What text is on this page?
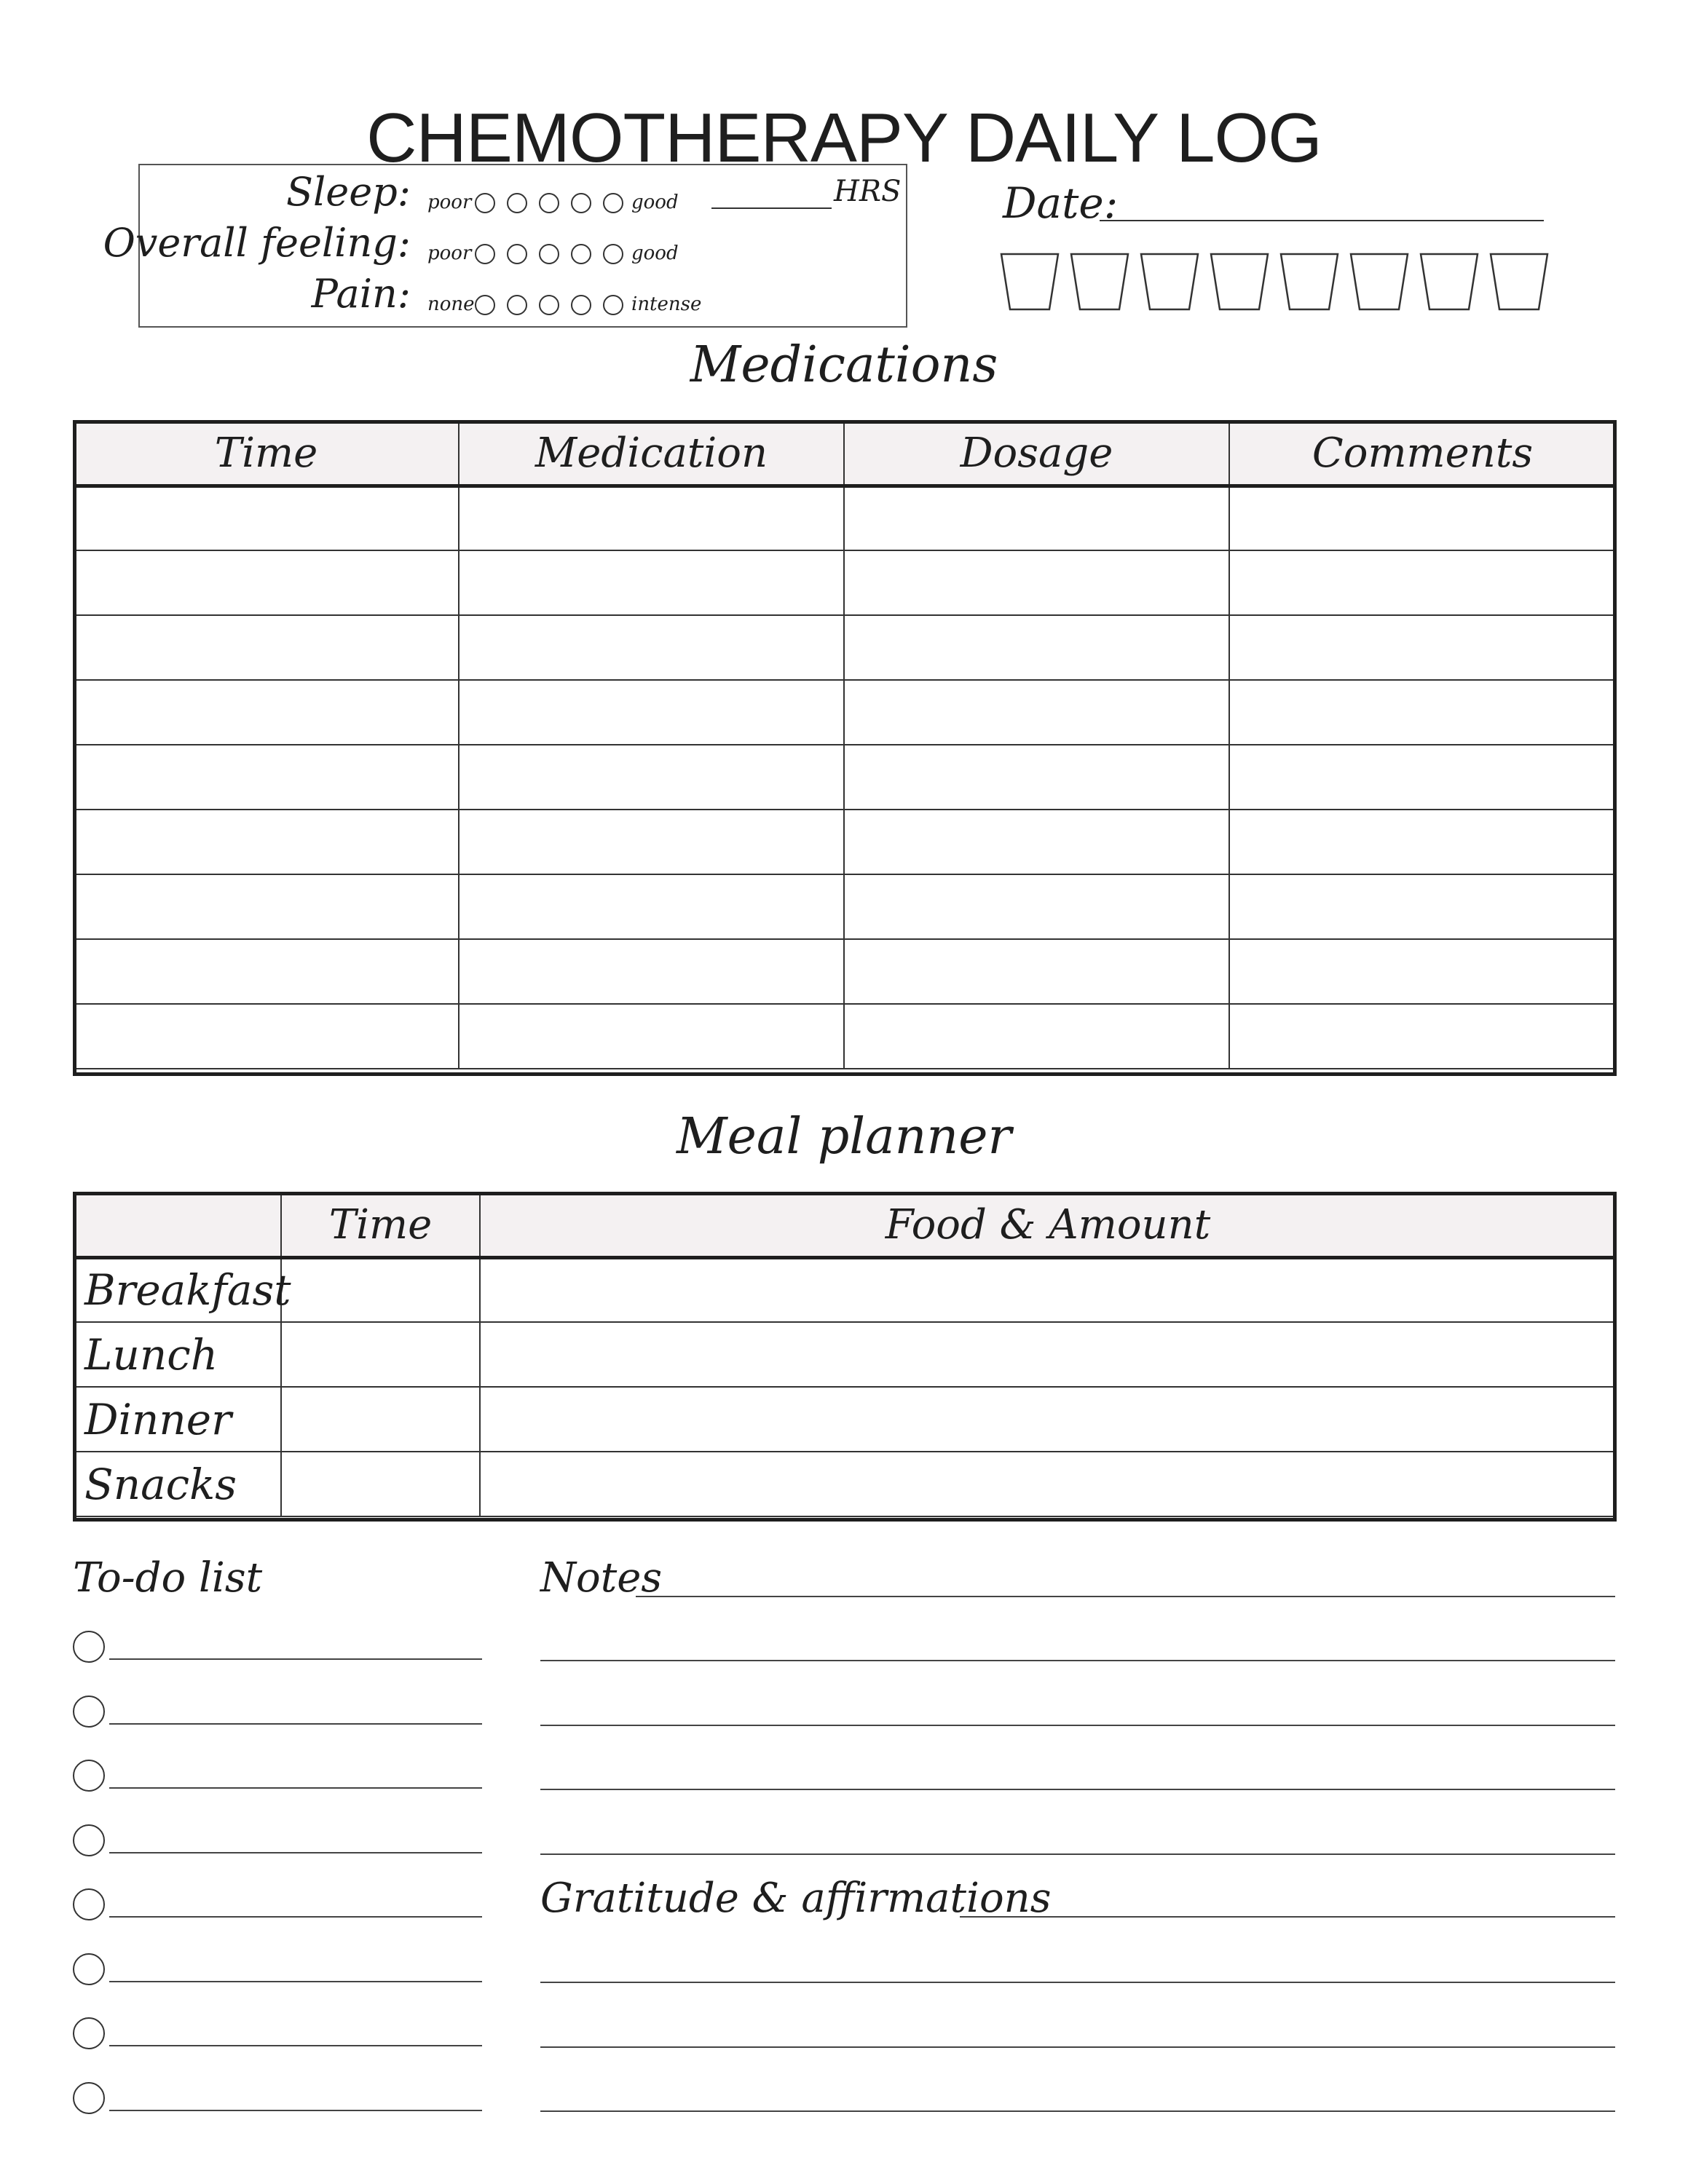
CHEMOTHERAPY DAILY LOG
Sleep: poor	good
Overall feeling: poor	good
Pain: none	intense
HRS Date:
Medications
Time	Medication	Dosage	Comments

Meal planner
	Time	Food & Amount
Breakfast		
Lunch		
Dinner		
Snacks		
To-do list	Notes
Gratitude & affirmations
